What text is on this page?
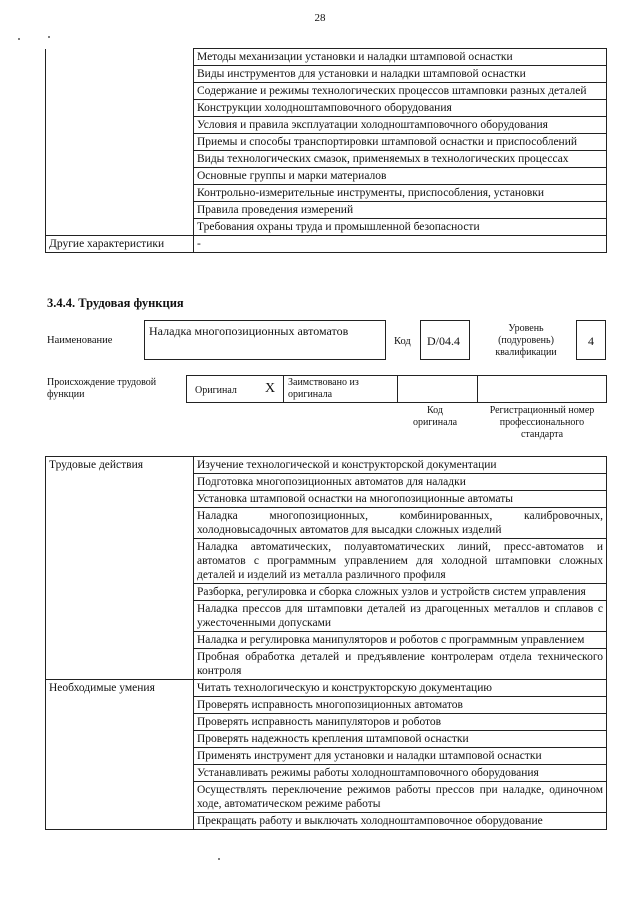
28
	Методы механизации установки и наладки штамповой оснастки
	Виды инструментов для установки и наладки штамповой оснастки
	Содержание и режимы технологических процессов штамповки разных деталей
	Конструкции холодноштамповочного оборудования
	Условия и правила эксплуатации холодноштамповочного оборудования
	Приемы и способы транспортировки штамповой оснастки и приспособлений
	Виды технологических смазок, применяемых в технологических процессах
	Основные группы и марки материалов
	Контрольно-измерительные инструменты, приспособления, установки
	Правила проведения измерений
	Требования охраны труда и промышленной безопасности
Другие характеристики	-
3.4.4. Трудовая функция
Наименование
Наладка многопозиционных автоматов
Код D/04.4
Уровень (подуровень) квалификации
4
Происхождение трудовой функции	Оригинал X Заимствовано из оригинала
Код оригинала
Регистрационный номер профессионального стандарта
Трудовые действия	Изучение технологической и конструкторской документации
	Подготовка многопозиционных автоматов для наладки
	Установка штамповой оснастки на многопозиционные автоматы
	Наладка многопозиционных, комбинированных, калибровочных, холодновысадочных автоматов для высадки сложных изделий
	Наладка автоматических, полуавтоматических линий, пресс-автоматов и автоматов с программным управлением для холодной штамповки сложных деталей и изделий из металла различного профиля
	Разборка, регулировка и сборка сложных узлов и устройств систем управления
	Наладка прессов для штамповки деталей из драгоценных металлов и сплавов с ужесточенными допусками
	Наладка и регулировка манипуляторов и роботов с программным управлением
	Пробная обработка деталей и предъявление контролерам отдела технического контроля
Необходимые умения	Читать технологическую и конструкторскую документацию
	Проверять исправность многопозиционных автоматов
	Проверять исправность манипуляторов и роботов
	Проверять надежность крепления штамповой оснастки
	Применять инструмент для установки и наладки штамповой оснастки
	Устанавливать режимы работы холодноштамповочного оборудования
	Осуществлять переключение режимов работы прессов при наладке, одиночном ходе, автоматическом режиме работы
	Прекращать работу и выключать холодноштамповочное оборудование
